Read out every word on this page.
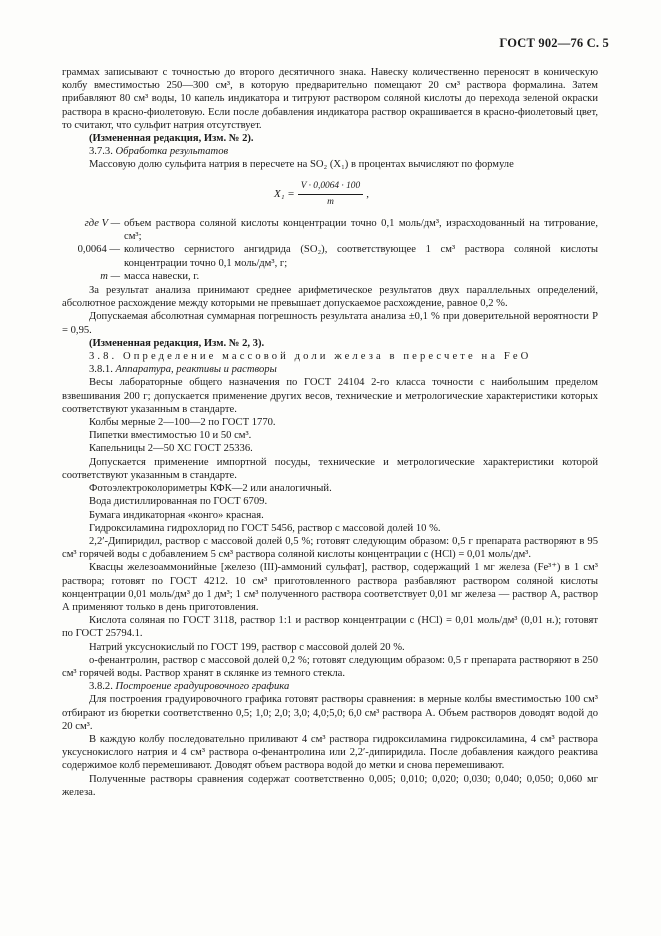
ГОСТ 902—76 С. 5

граммах записывают с точностью до второго десятичного знака. Навеску количественно переносят в коническую колбу вместимостью 250—300 см³, в которую предварительно помещают 20 см³ раствора формалина. Затем прибавляют 80 см³ воды, 10 капель индикатора и титруют раствором соляной кислоты до перехода зеленой окраски раствора в красно-фиолетовую. Если после добавления индикатора раствор окрашивается в красно-фиолетовый цвет, то считают, что сульфит натрия отсутствует.

(Измененная редакция, Изм. № 2).

3.7.3. Обработка результатов

Массовую долю сульфита натрия в пересчете на SO₂ (X₁) в процентах вычисляют по формуле

$X_1 = \frac{V \cdot 0,0064 \cdot 100}{m}$ ,
где V — объем раствора соляной кислоты концентрации точно 0,1 моль/дм³, израсходованный на титрование, см³;
0,0064 — количество сернистого ангидрида (SO₂), соответствующее 1 см³ раствора соляной кислоты концентрации точно 0,1 моль/дм³, г;
m — масса навески, г.

За результат анализа принимают среднее арифметическое результатов двух параллельных определений, абсолютное расхождение между которыми не превышает допускаемое расхождение, равное 0,2 %.

Допускаемая абсолютная суммарная погрешность результата анализа ±0,1 % при доверительной вероятности P = 0,95.

(Измененная редакция, Изм. № 2, 3).

3.8. Определение массовой доли железа в пересчете на FeO

3.8.1. Аппаратура, реактивы и растворы

Весы лабораторные общего назначения по ГОСТ 24104 2-го класса точности с наибольшим пределом взвешивания 200 г; допускается применение других весов, технические и метрологические характеристики которых соответствуют указанным в стандарте.

Колбы мерные 2—100—2 по ГОСТ 1770.

Пипетки вместимостью 10 и 50 см³.

Капельницы 2—50 ХС ГОСТ 25336.

Допускается применение импортной посуды, технические и метрологические характеристики которой соответствуют указанным в стандарте.

Фотоэлектроколориметры КФК—2 или аналогичный.

Вода дистиллированная по ГОСТ 6709.

Бумага индикаторная «конго» красная.

Гидроксиламина гидрохлорид по ГОСТ 5456, раствор с массовой долей 10 %.

2,2′-Дипиридил, раствор с массовой долей 0,5 %; готовят следующим образом: 0,5 г препарата растворяют в 95 см³ горячей воды с добавлением 5 см³ раствора соляной кислоты концентрации с (HCl) = 0,01 моль/дм³.

Квасцы железоаммонийные [железо (III)-аммоний сульфат], раствор, содержащий 1 мг железа (Fe³⁺) в 1 см³ раствора; готовят по ГОСТ 4212. 10 см³ приготовленного раствора разбавляют раствором соляной кислоты концентрации 0,01 моль/дм³ до 1 дм³; 1 см³ полученного раствора соответствует 0,01 мг железа — раствор А, раствор А применяют только в день приготовления.

Кислота соляная по ГОСТ 3118, раствор 1:1 и раствор концентрации с (HCl) = 0,01 моль/дм³ (0,01 н.); готовят по ГОСТ 25794.1.

Натрий уксуснокислый по ГОСТ 199, раствор с массовой долей 20 %.

о-фенантролин, раствор с массовой долей 0,2 %; готовят следующим образом: 0,5 г препарата растворяют в 250 см³ горячей воды. Раствор хранят в склянке из темного стекла.

3.8.2. Построение градуировочного графика

Для построения градуировочного графика готовят растворы сравнения: в мерные колбы вместимостью 100 см³ отбирают из бюретки соответственно 0,5; 1,0; 2,0; 3,0; 4,0;5,0; 6,0 см³ раствора А. Объем растворов доводят водой до 20 см³.

В каждую колбу последовательно приливают 4 см³ раствора гидроксиламина гидроксиламина, 4 см³ раствора уксуснокислого натрия и 4 см³ раствора о-фенантролина или 2,2′-дипиридила. После добавления каждого реактива содержимое колб перемешивают. Доводят объем раствора водой до метки и снова перемешивают.

Полученные растворы сравнения содержат соответственно 0,005; 0,010; 0,020; 0,030; 0,040; 0,050; 0,060 мг железа.
